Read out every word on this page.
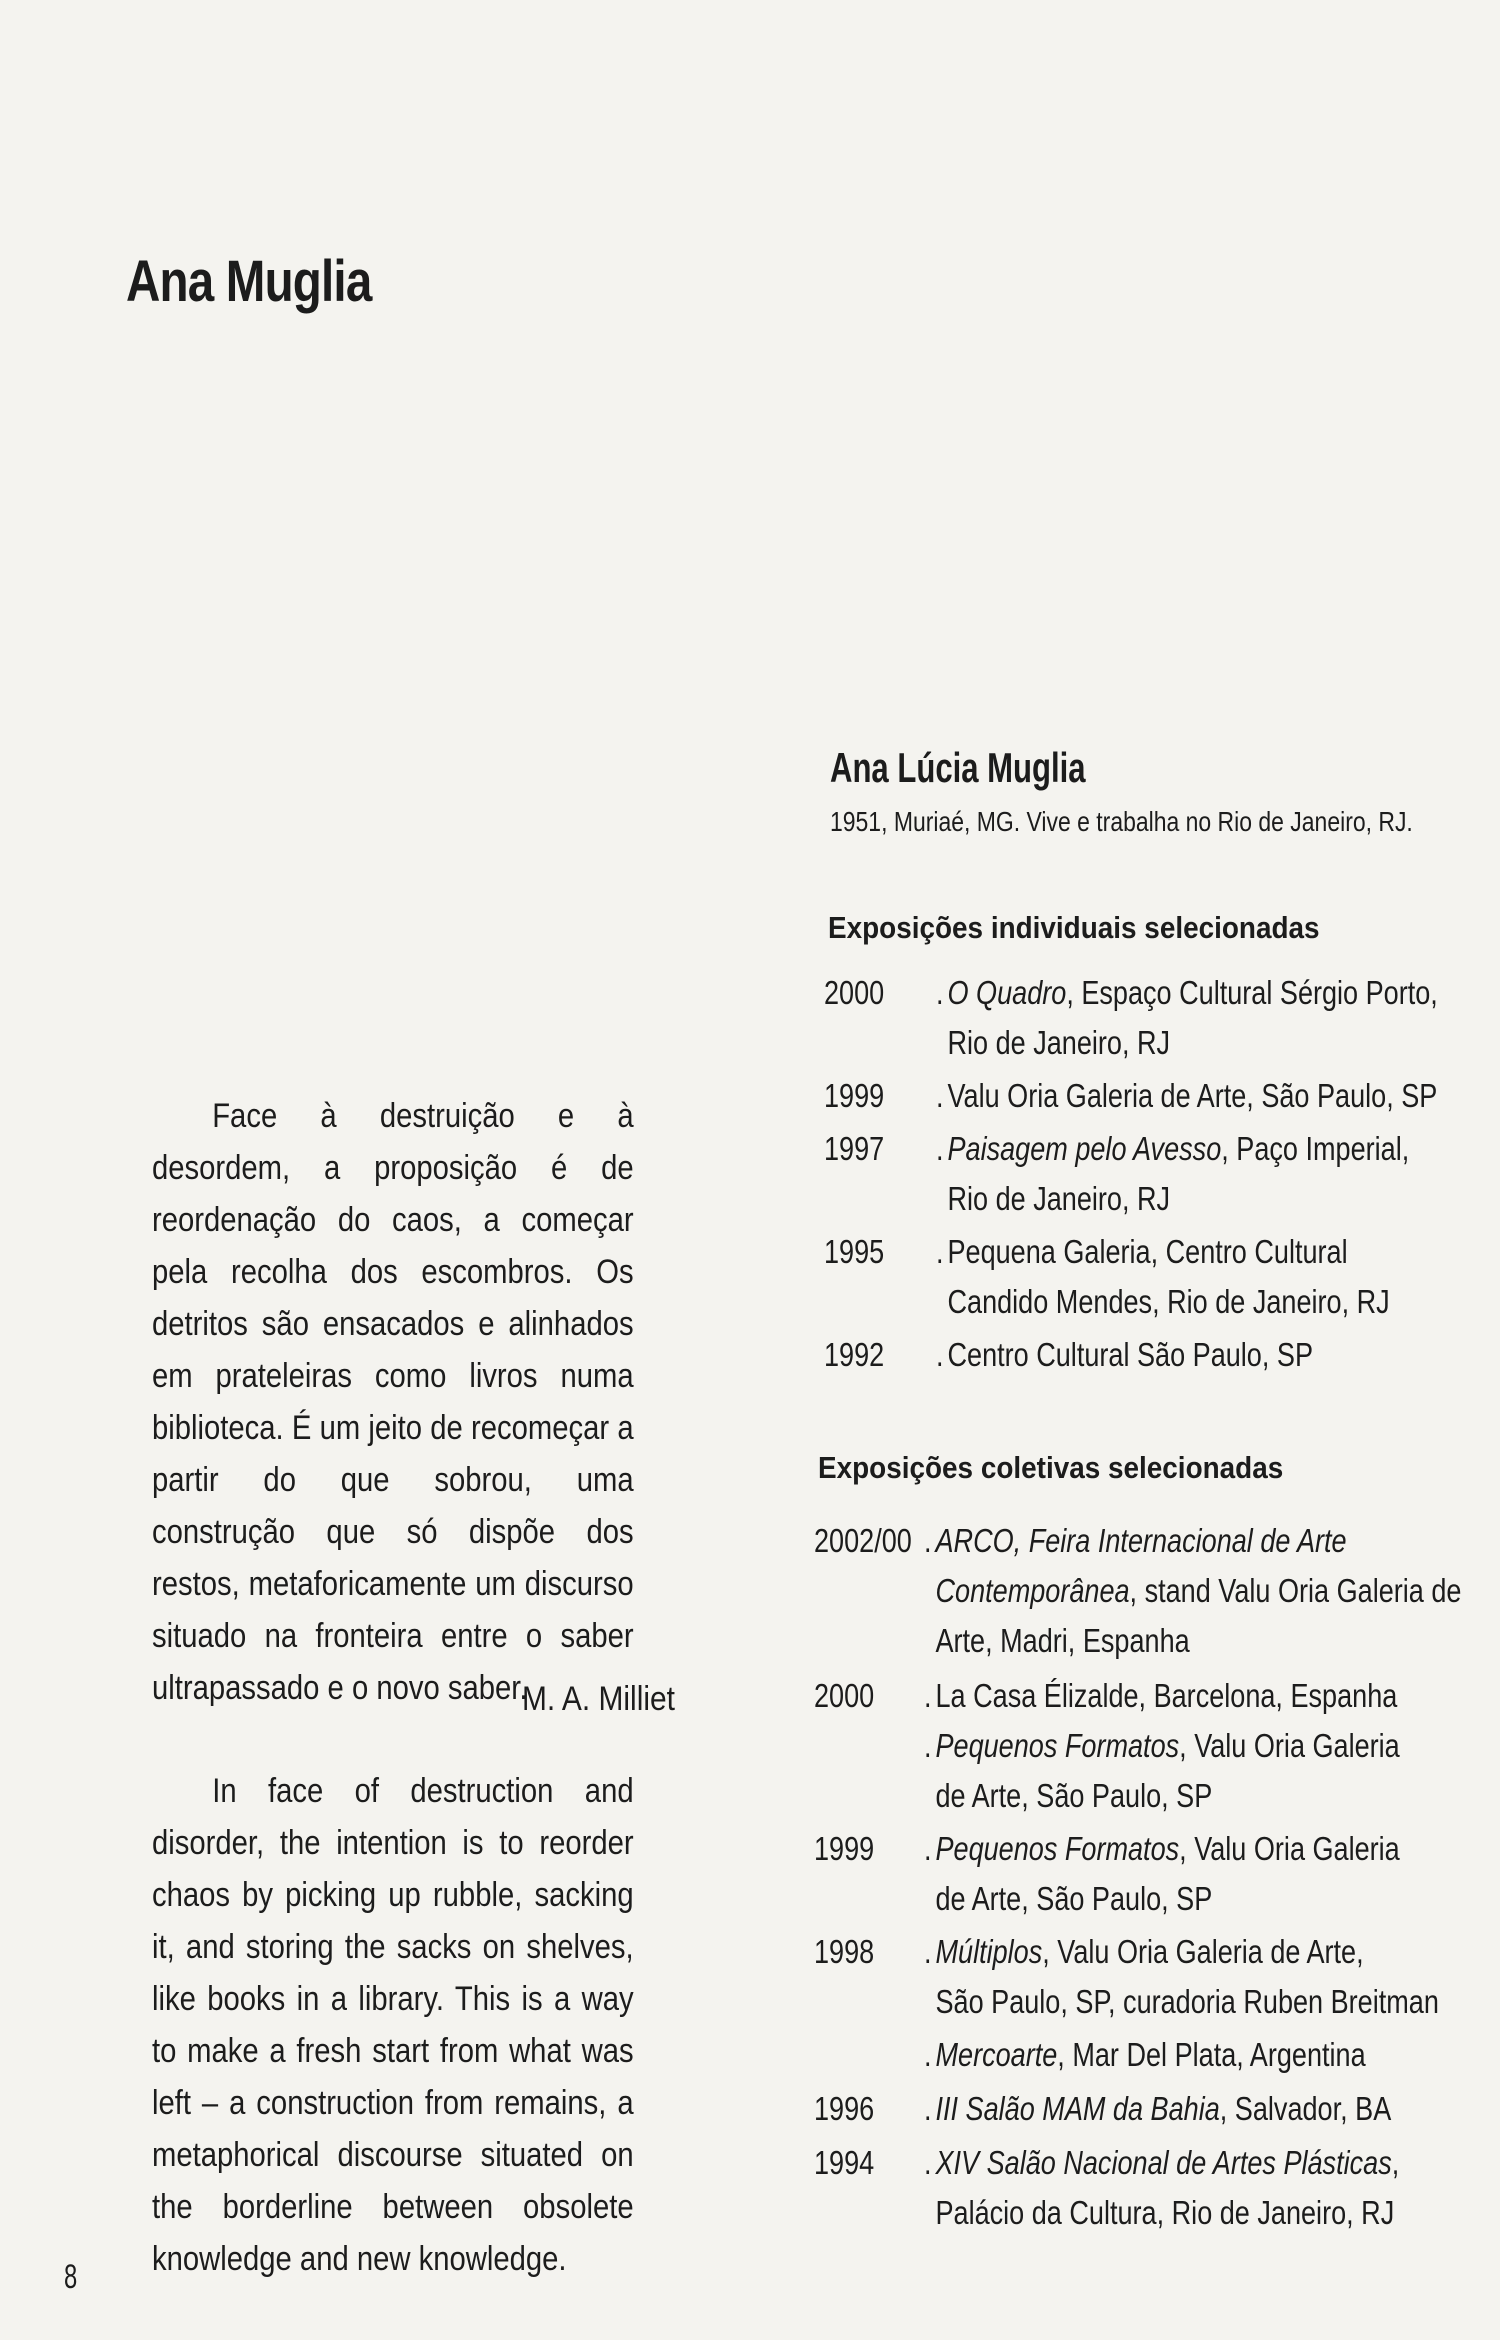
Ana Muglia

Face à destruição e à desordem, a proposição é de reordenação do caos, a começar pela recolha dos escombros. Os detritos são ensacados e alinhados em prateleiras como livros numa biblioteca. É um jeito de recomeçar a partir do que sobrou, uma construção que só dispõe dos restos, metaforicamente um discurso situado na fronteira entre o saber ultrapassado e o novo saber.

M. A. Milliet

In face of destruction and disorder, the intention is to reorder chaos by picking up rubble, sacking it, and storing the sacks on shelves, like books in a library. This is a way to make a fresh start from what was left – a construction from remains, a metaphorical discourse situated on the borderline between obsolete knowledge and new knowledge.

8
Ana Lúcia Muglia
1951, Muriaé, MG. Vive e trabalha no Rio de Janeiro, RJ.
Exposições individuais selecionadas
2000 . O Quadro, Espaço Cultural Sérgio Porto,
Rio de Janeiro, RJ
1999 . Valu Oria Galeria de Arte, São Paulo, SP
1997 . Paisagem pelo Avesso, Paço Imperial,
Rio de Janeiro, RJ
1995 . Pequena Galeria, Centro Cultural
Candido Mendes, Rio de Janeiro, RJ
1992 . Centro Cultural São Paulo, SP
Exposições coletivas selecionadas
2002/00 . ARCO, Feira Internacional de Arte
Contemporânea, stand Valu Oria Galeria de
Arte, Madri, Espanha
2000 . La Casa Élizalde, Barcelona, Espanha
. Pequenos Formatos, Valu Oria Galeria
de Arte, São Paulo, SP
1999 . Pequenos Formatos, Valu Oria Galeria
de Arte, São Paulo, SP
1998 . Múltiplos, Valu Oria Galeria de Arte,
São Paulo, SP, curadoria Ruben Breitman
. Mercoarte, Mar Del Plata, Argentina
1996 . III Salão MAM da Bahia, Salvador, BA
1994 . XIV Salão Nacional de Artes Plásticas,
Palácio da Cultura, Rio de Janeiro, RJ
